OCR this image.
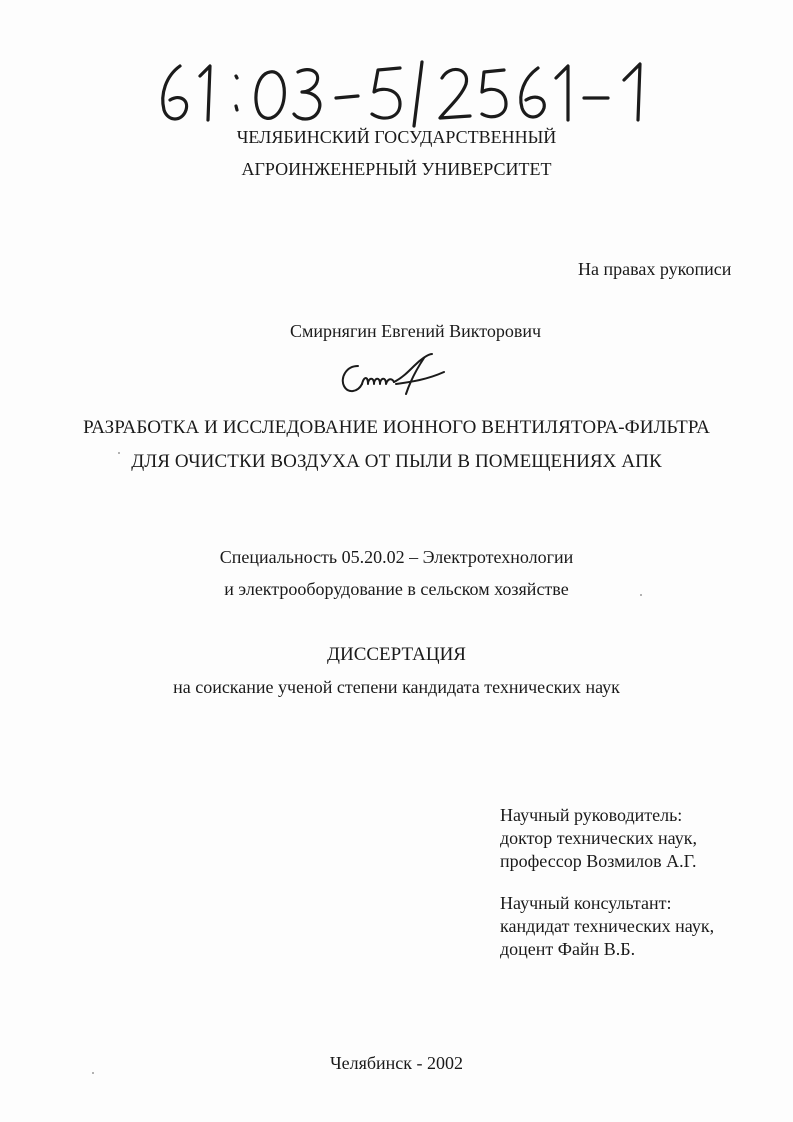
ЧЕЛЯБИНСКИЙ ГОСУДАРСТВЕННЫЙ
АГРОИНЖЕНЕРНЫЙ УНИВЕРСИТЕТ
На правах рукописи
Смирнягин Евгений Викторович
РАЗРАБОТКА И ИССЛЕДОВАНИЕ ИОННОГО ВЕНТИЛЯТОРА-ФИЛЬТРА
ДЛЯ ОЧИСТКИ ВОЗДУХА ОТ ПЫЛИ В ПОМЕЩЕНИЯХ АПК
Специальность 05.20.02 – Электротехнологии
и электрооборудование в сельском хозяйстве
ДИССЕРТАЦИЯ
на соискание ученой степени кандидата технических наук
Научный руководитель:
доктор технических наук,
профессор Возмилов А.Г.
Научный консультант:
кандидат технических наук,
доцент Файн В.Б.
Челябинск - 2002
